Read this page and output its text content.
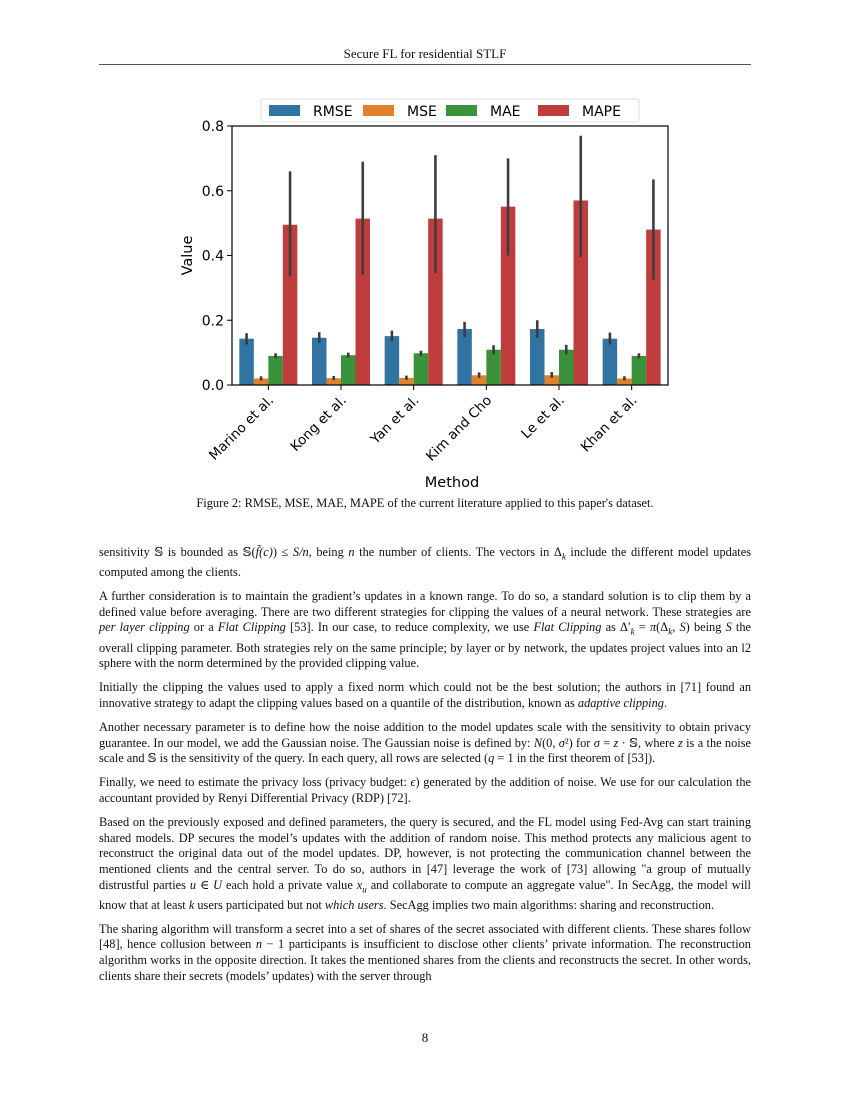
Secure FL for residential STLF
Marino et al. Kong et al. Yan et al. Kim and Cho Le et al. Khan et al.
0.0
0.2
0.4
0.6
0.8
Value
Method
RMSE	MSE	MAE	MAPE
Figure 2: RMSE, MSE, MAE, MAPE of the current literature applied to this paper's dataset.

sensitivity 𝕊 is bounded as 𝕊(f̃(c)) ≤ S/n, being n the number of clients. The vectors in $\Delta_k$ include the different model updates computed among the clients.

A further consideration is to maintain the gradient’s updates in a known range. To do so, a standard solution is to clip them by a defined value before averaging. There are two different strategies for clipping the values of a neural network. These strategies are per layer clipping or a Flat Clipping [53]. In our case, to reduce complexity, we use Flat Clipping as $\Delta'_k = \pi(\Delta_k$, S) being S the overall clipping parameter. Both strategies rely on the same principle; by layer or by network, the updates project values into an l2 sphere with the norm determined by the provided clipping value.

Initially the clipping the values used to apply a fixed norm which could not be the best solution; the authors in [71] found an innovative strategy to adapt the clipping values based on a quantile of the distribution, known as adaptive clipping.

Another necessary parameter is to define how the noise addition to the model updates scale with the sensitivity to obtain privacy guarantee. In our model, we add the Gaussian noise. The Gaussian noise is defined by: N(0, σ²) for σ = z · 𝕊, where z is a the noise scale and 𝕊 is the sensitivity of the query. In each query, all rows are selected (q = 1 in the first theorem of [53]).

Finally, we need to estimate the privacy loss (privacy budget: ϵ) generated by the addition of noise. We use for our calculation the accountant provided by Renyi Differential Privacy (RDP) [72].

Based on the previously exposed and defined parameters, the query is secured, and the FL model using Fed-Avg can start training shared models. DP secures the model’s updates with the addition of random noise. This method protects any malicious agent to reconstruct the original data out of the model updates. DP, however, is not protecting the communication channel between the mentioned clients and the central server. To do so, authors in [47] leverage the work of [73] allowing "a group of mutually distrustful parties u ∈ U each hold a private value $x_u$ and collaborate to compute an aggregate value". In SecAgg, the model will know that at least k users participated but not which users. SecAgg implies two main algorithms: sharing and reconstruction.

The sharing algorithm will transform a secret into a set of shares of the secret associated with different clients. These shares follow [48], hence collusion between n − 1 participants is insufficient to disclose other clients’ private information. The reconstruction algorithm works in the opposite direction. It takes the mentioned shares from the clients and reconstructs the secret. In other words, clients share their secrets (models’ updates) with the server through

8
